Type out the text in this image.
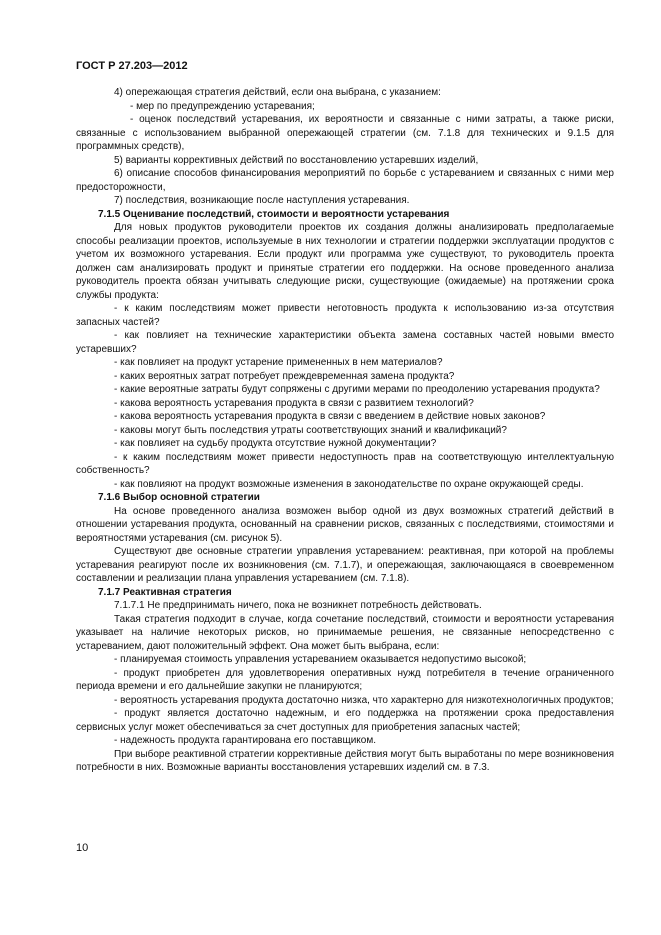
ГОСТ Р 27.203—2012

4) опережающая стратегия действий, если она выбрана, с указанием:

- мер по предупреждению устаревания;

- оценок последствий устаревания, их вероятности и связанные с ними затраты, а также риски, связанные с использованием выбранной опережающей стратегии (см. 7.1.8 для технических и 9.1.5 для программных средств),

5) варианты коррективных действий по восстановлению устаревших изделий,

6) описание способов финансирования мероприятий по борьбе с устареванием и связанных с ними мер предосторожности,

7) последствия, возникающие после наступления устаревания.

7.1.5 Оценивание последствий, стоимости и вероятности устаревания

Для новых продуктов руководители проектов их создания должны анализировать предполагаемые способы реализации проектов, используемые в них технологии и стратегии поддержки эксплуатации продуктов с учетом их возможного устаревания. Если продукт или программа уже существуют, то руководитель проекта должен сам анализировать продукт и принятые стратегии его поддержки. На основе проведенного анализа руководитель проекта обязан учитывать следующие риски, существующие (ожидаемые) на протяжении срока службы продукта:

- к каким последствиям может привести неготовность продукта к использованию из-за отсутствия запасных частей?

- как повлияет на технические характеристики объекта замена составных частей новыми вместо устаревших?

- как повлияет на продукт устарение примененных в нем материалов?

- каких вероятных затрат потребует преждевременная замена продукта?

- какие вероятные затраты будут сопряжены с другими мерами по преодолению устаревания продукта?

- какова вероятность устаревания продукта в связи с развитием технологий?

- какова вероятность устаревания продукта в связи с введением в действие новых законов?

- каковы могут быть последствия утраты соответствующих знаний и квалификаций?

- как повлияет на судьбу продукта отсутствие нужной документации?

- к каким последствиям может привести недоступность прав на соответствующую интеллектуальную собственность?

- как повлияют на продукт возможные изменения в законодательстве по охране окружающей среды.

7.1.6 Выбор основной стратегии

На основе проведенного анализа возможен выбор одной из двух возможных стратегий действий в отношении устаревания продукта, основанный на сравнении рисков, связанных с последствиями, стоимостями и вероятностями устаревания (см. рисунок 5).

Существуют две основные стратегии управления устареванием: реактивная, при которой на проблемы устаревания реагируют после их возникновения (см. 7.1.7), и опережающая, заключающаяся в своевременном составлении и реализации плана управления устареванием (см. 7.1.8).

7.1.7 Реактивная стратегия

7.1.7.1 Не предпринимать ничего, пока не возникнет потребность действовать.

Такая стратегия подходит в случае, когда сочетание последствий, стоимости и вероятности устаревания указывает на наличие некоторых рисков, но принимаемые решения, не связанные непосредственно с устареванием, дают положительный эффект. Она может быть выбрана, если:

- планируемая стоимость управления устареванием оказывается недопустимо высокой;

- продукт приобретен для удовлетворения оперативных нужд потребителя в течение ограниченного периода времени и его дальнейшие закупки не планируются;

- вероятность устаревания продукта достаточно низка, что характерно для низкотехнологичных продуктов;

- продукт является достаточно надежным, и его поддержка на протяжении срока предоставления сервисных услуг может обеспечиваться за счет доступных для приобретения запасных частей;

- надежность продукта гарантирована его поставщиком.

При выборе реактивной стратегии коррективные действия могут быть выработаны по мере возникновения потребности в них. Возможные варианты восстановления устаревших изделий см. в 7.3.

10
